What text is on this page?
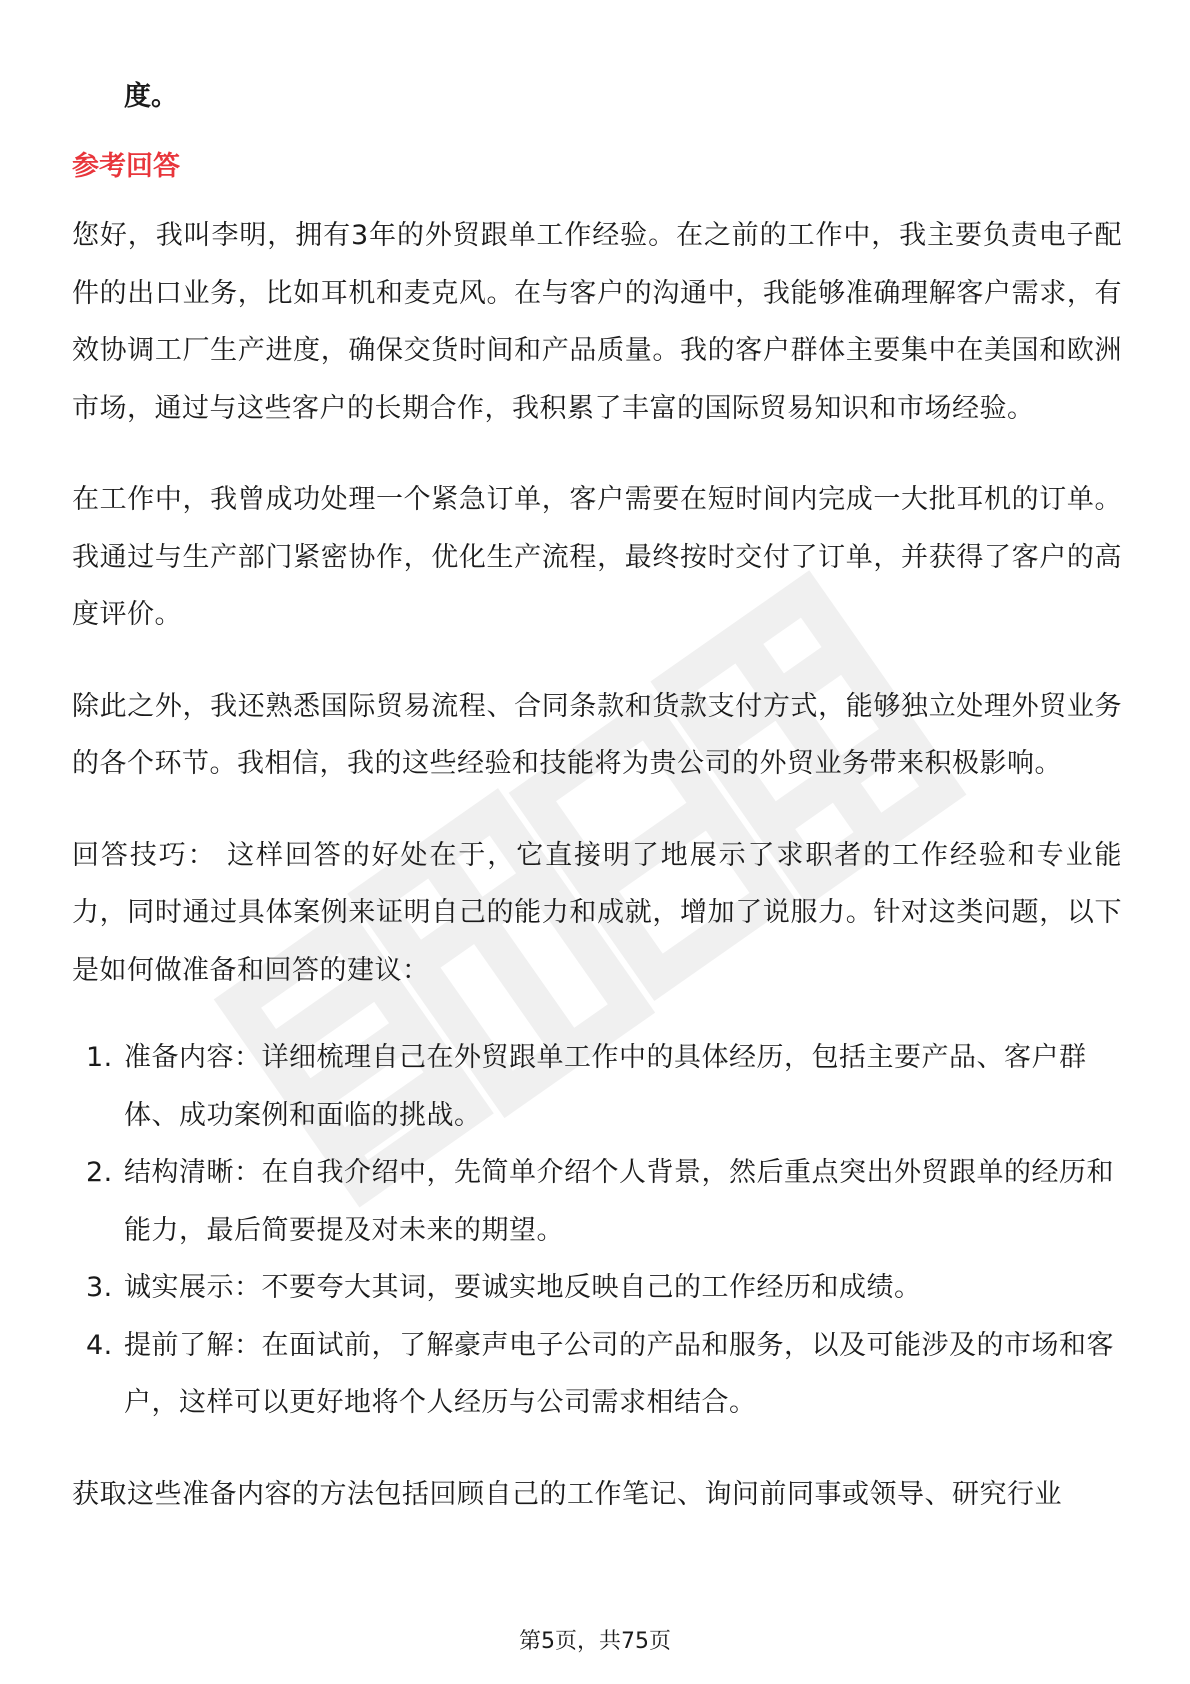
度。

参考回答

您好，我叫李明，拥有3年的外贸跟单工作经验。在之前的工作中，我主要负责电子配件的出口业务，比如耳机和麦克风。在与客户的沟通中，我能够准确理解客户需求，有效协调工厂生产进度，确保交货时间和产品质量。我的客户群体主要集中在美国和欧洲市场，通过与这些客户的长期合作，我积累了丰富的国际贸易知识和市场经验。

在工作中，我曾成功处理一个紧急订单，客户需要在短时间内完成一大批耳机的订单。我通过与生产部门紧密协作，优化生产流程，最终按时交付了订单，并获得了客户的高度评价。

除此之外，我还熟悉国际贸易流程、合同条款和货款支付方式，能够独立处理外贸业务的各个环节。我相信，我的这些经验和技能将为贵公司的外贸业务带来积极影响。

回答技巧： 这样回答的好处在于，它直接明了地展示了求职者的工作经验和专业能力，同时通过具体案例来证明自己的能力和成就，增加了说服力。针对这类问题，以下是如何做准备和回答的建议：

1. 准备内容：详细梳理自己在外贸跟单工作中的具体经历，包括主要产品、客户群体、成功案例和面临的挑战。
2. 结构清晰：在自我介绍中，先简单介绍个人背景，然后重点突出外贸跟单的经历和能力，最后简要提及对未来的期望。
3. 诚实展示：不要夸大其词，要诚实地反映自己的工作经历和成绩。
4. 提前了解：在面试前，了解豪声电子公司的产品和服务，以及可能涉及的市场和客户，这样可以更好地将个人经历与公司需求相结合。

获取这些准备内容的方法包括回顾自己的工作笔记、询问前同事或领导、研究行业

第5页，共75页
